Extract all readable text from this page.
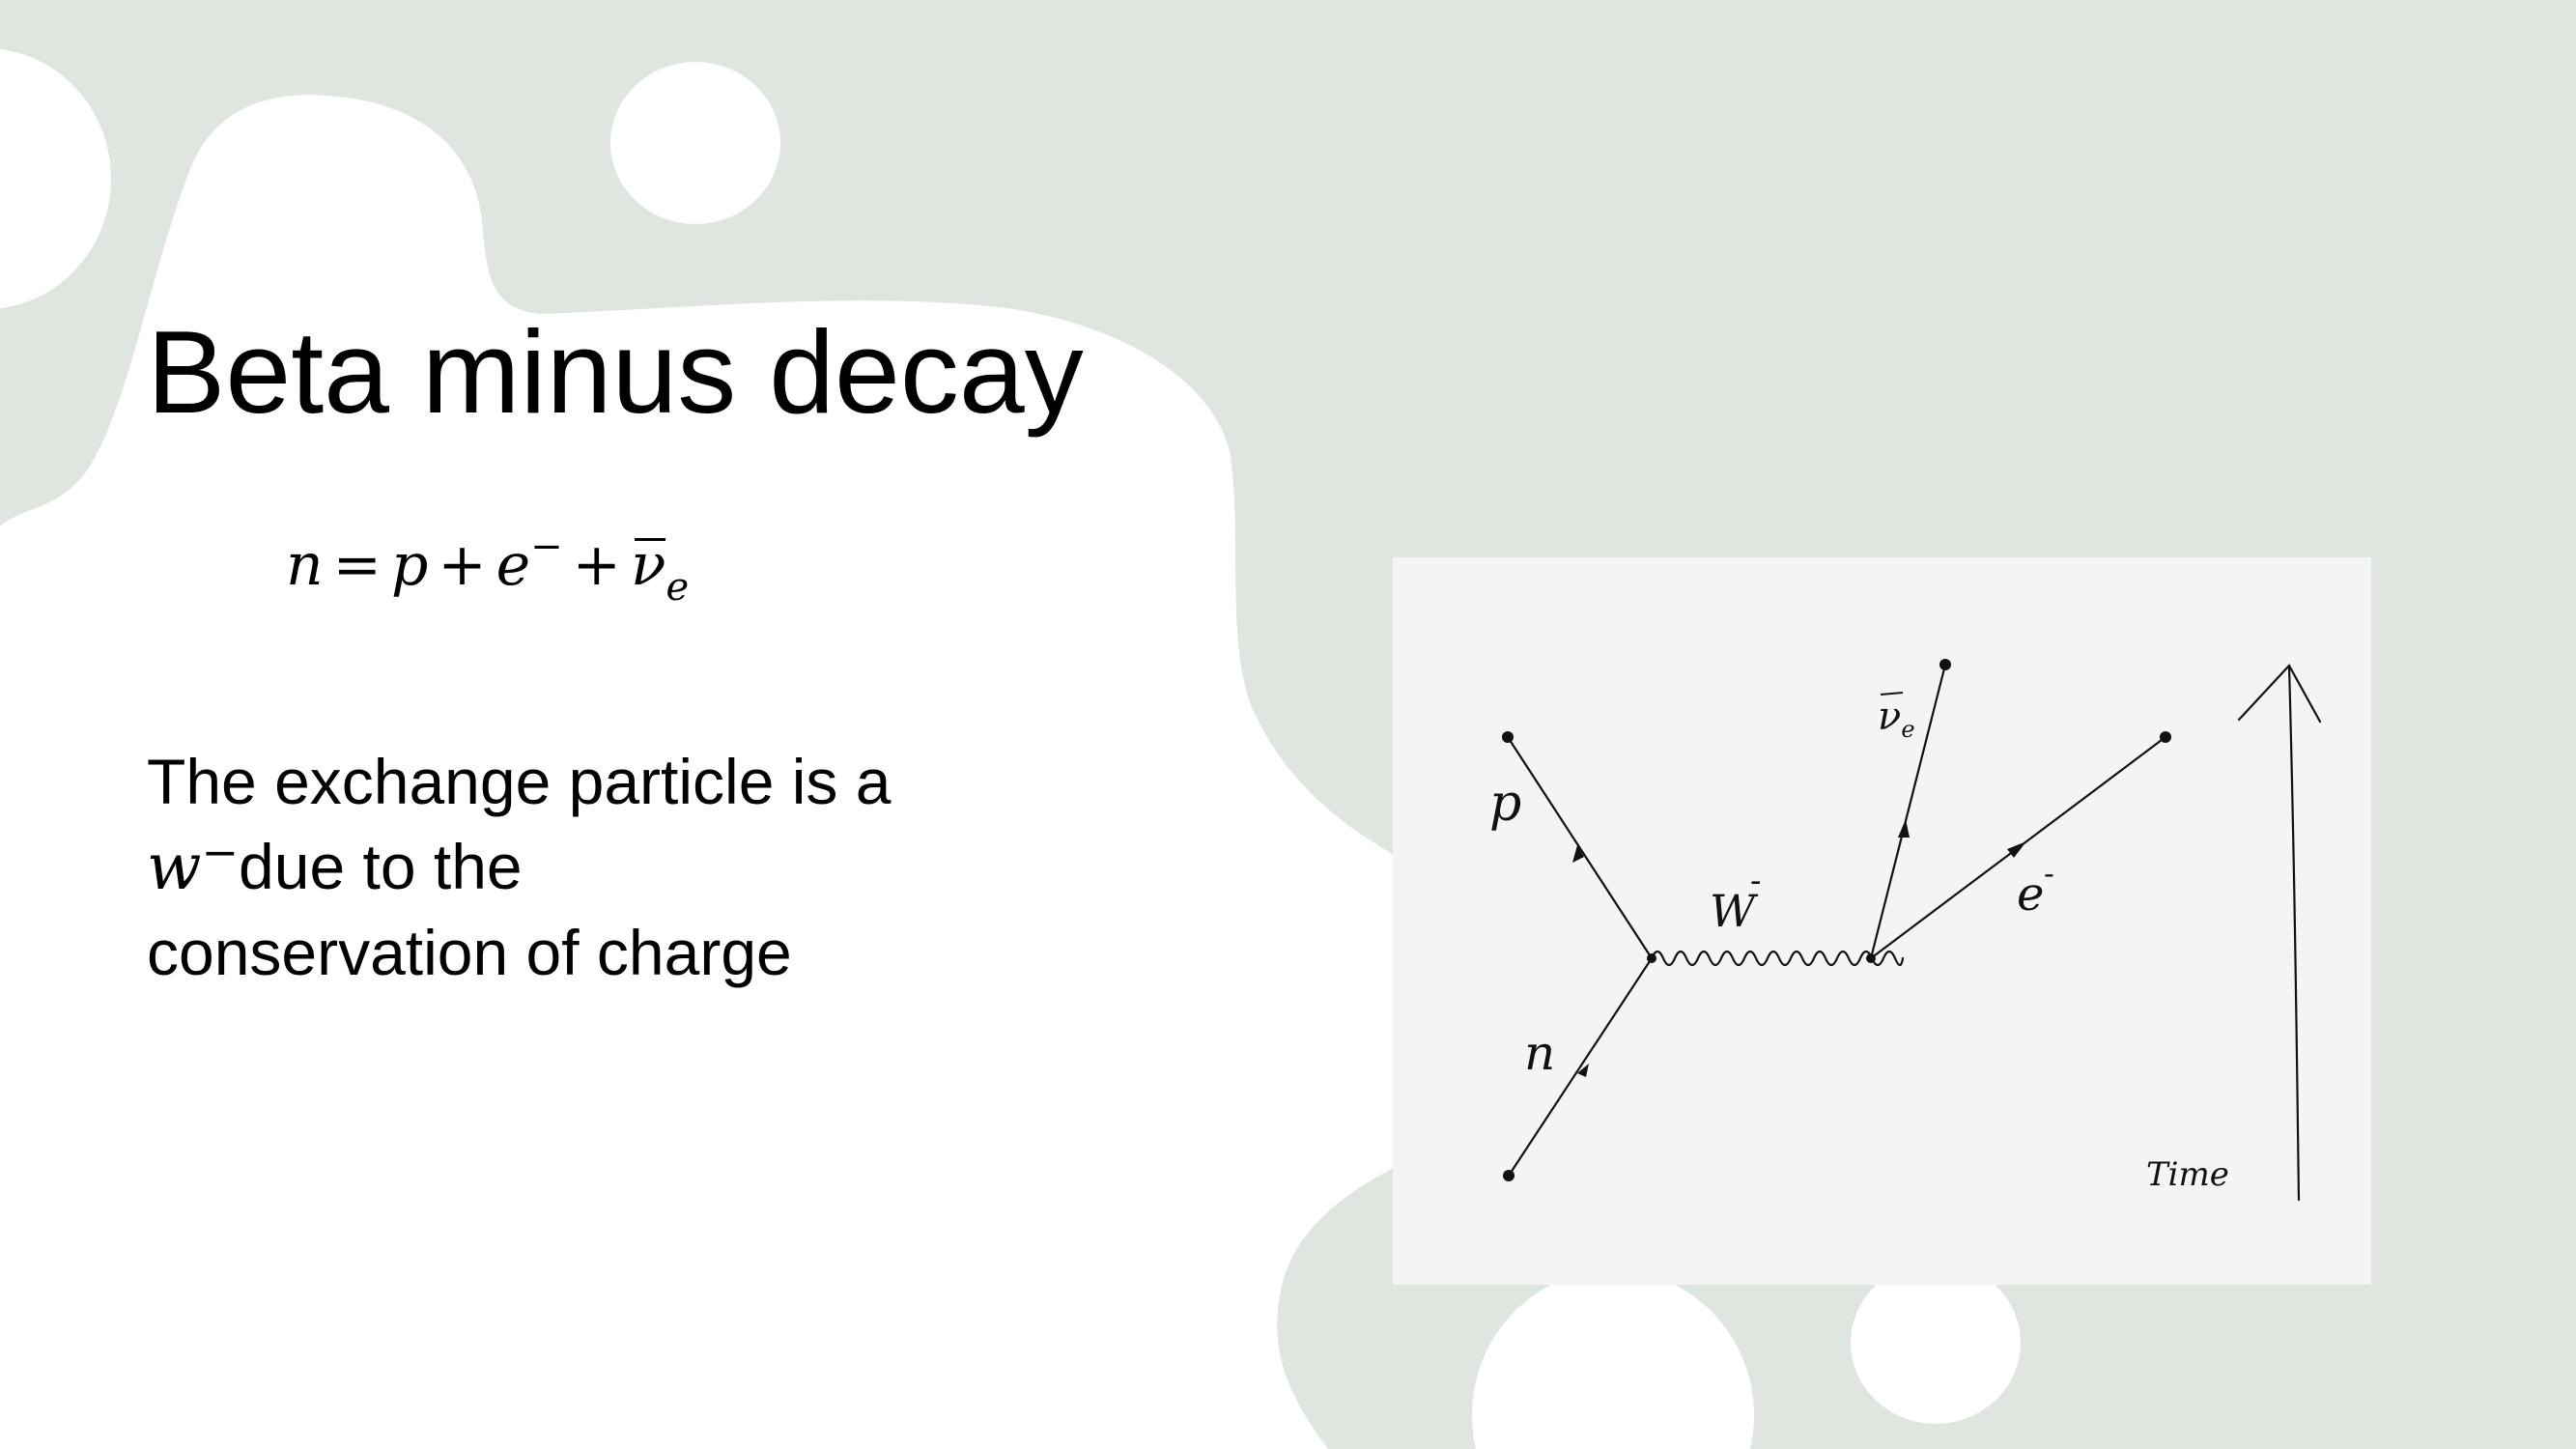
Beta minus decay
$n = p + e^- + \nu_e$
The exchange particle is a
w−due to the
conservation of charge
p
n
W
-
$\nu_e$
e -
Time
